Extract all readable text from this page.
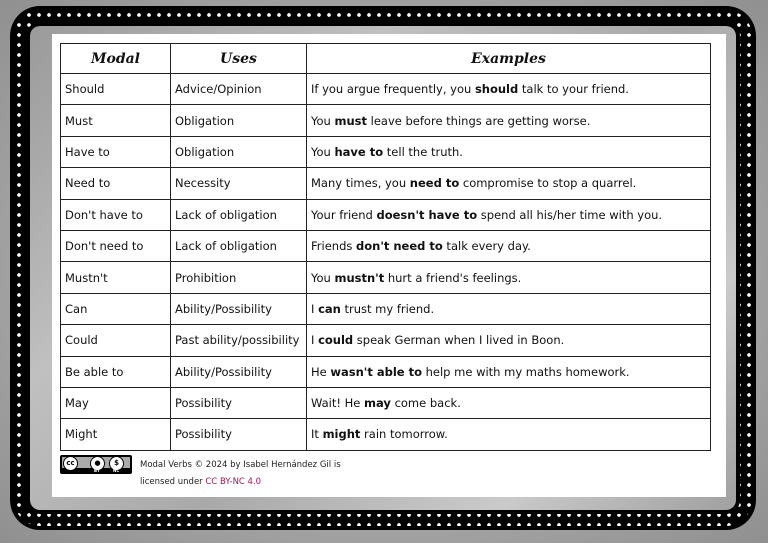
Modal	Uses	Examples
Should	Advice/Opinion	If you argue frequently, you should talk to your friend.
Must	Obligation	You must leave before things are getting worse.
Have to	Obligation	You have to tell the truth.
Need to	Necessity	Many times, you need to compromise to stop a quarrel.
Don't have to	Lack of obligation	Your friend doesn't have to spend all his/her time with you.
Don't need to	Lack of obligation	Friends don't need to talk every day.
Mustn't	Prohibition	You mustn't hurt a friend's feelings.
Can	Ability/Possibility	I can trust my friend.
Could	Past ability/possibility	I could speak German when I lived in Boon.
Be able to	Ability/Possibility	He wasn't able to help me with my maths homework.
May	Possibility	Wait! He may come back.
Might	Possibility	It might rain tomorrow.
cc	●	$
BY	NC
Modal Verbs © 2024 by Isabel Hernández Gil is
licensed under CC BY-NC 4.0
